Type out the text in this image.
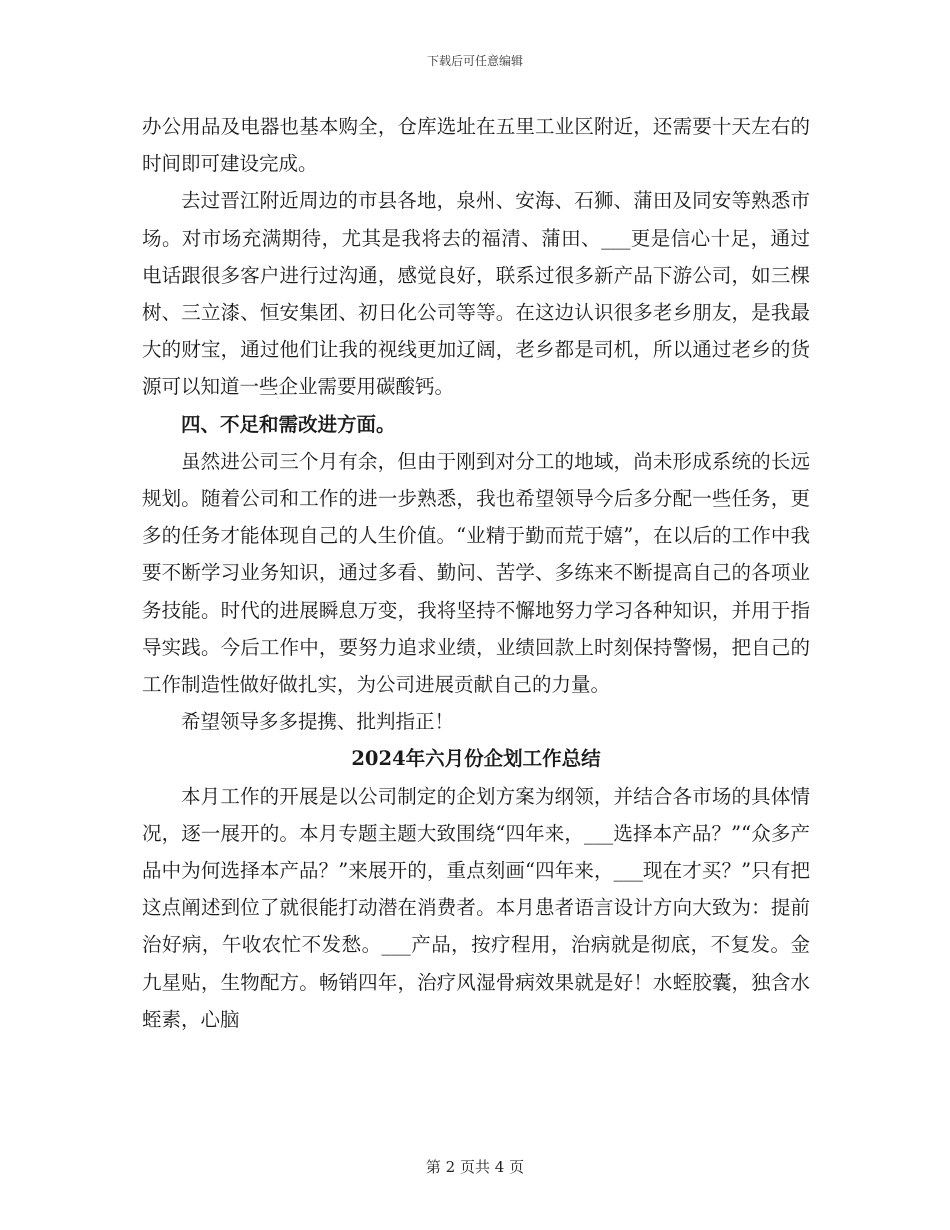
下载后可任意编辑

办公用品及电器也基本购全，仓库选址在五里工业区附近，还需要十天左右的时间即可建设完成。

去过晋江附近周边的市县各地，泉州、安海、石狮、蒲田及同安等熟悉市场。对市场充满期待，尤其是我将去的福清、蒲田、___更是信心十足，通过电话跟很多客户进行过沟通，感觉良好，联系过很多新产品下游公司，如三棵树、三立漆、恒安集团、初日化公司等等。在这边认识很多老乡朋友，是我最大的财宝，通过他们让我的视线更加辽阔，老乡都是司机，所以通过老乡的货源可以知道一些企业需要用碳酸钙。

四、不足和需改进方面。

虽然进公司三个月有余，但由于刚到对分工的地域，尚未形成系统的长远规划。随着公司和工作的进一步熟悉，我也希望领导今后多分配一些任务，更多的任务才能体现自己的人生价值。“业精于勤而荒于嬉”，在以后的工作中我要不断学习业务知识，通过多看、勤问、苦学、多练来不断提高自己的各项业务技能。时代的进展瞬息万变，我将坚持不懈地努力学习各种知识，并用于指导实践。今后工作中，要努力追求业绩，业绩回款上时刻保持警惕，把自己的工作制造性做好做扎实，为公司进展贡献自己的力量。

希望领导多多提携、批判指正！

2024年六月份企划工作总结

本月工作的开展是以公司制定的企划方案为纲领，并结合各市场的具体情况，逐一展开的。本月专题主题大致围绕“四年来，___选择本产品？”“众多产品中为何选择本产品？”来展开的，重点刻画“四年来，___现在才买？”只有把这点阐述到位了就很能打动潜在消费者。本月患者语言设计方向大致为：提前治好病，午收农忙不发愁。___产品，按疗程用，治病就是彻底，不复发。金九星贴，生物配方。畅销四年，治疗风湿骨病效果就是好！水蛭胶囊，独含水蛭素，心脑

第 2 页共 4 页
